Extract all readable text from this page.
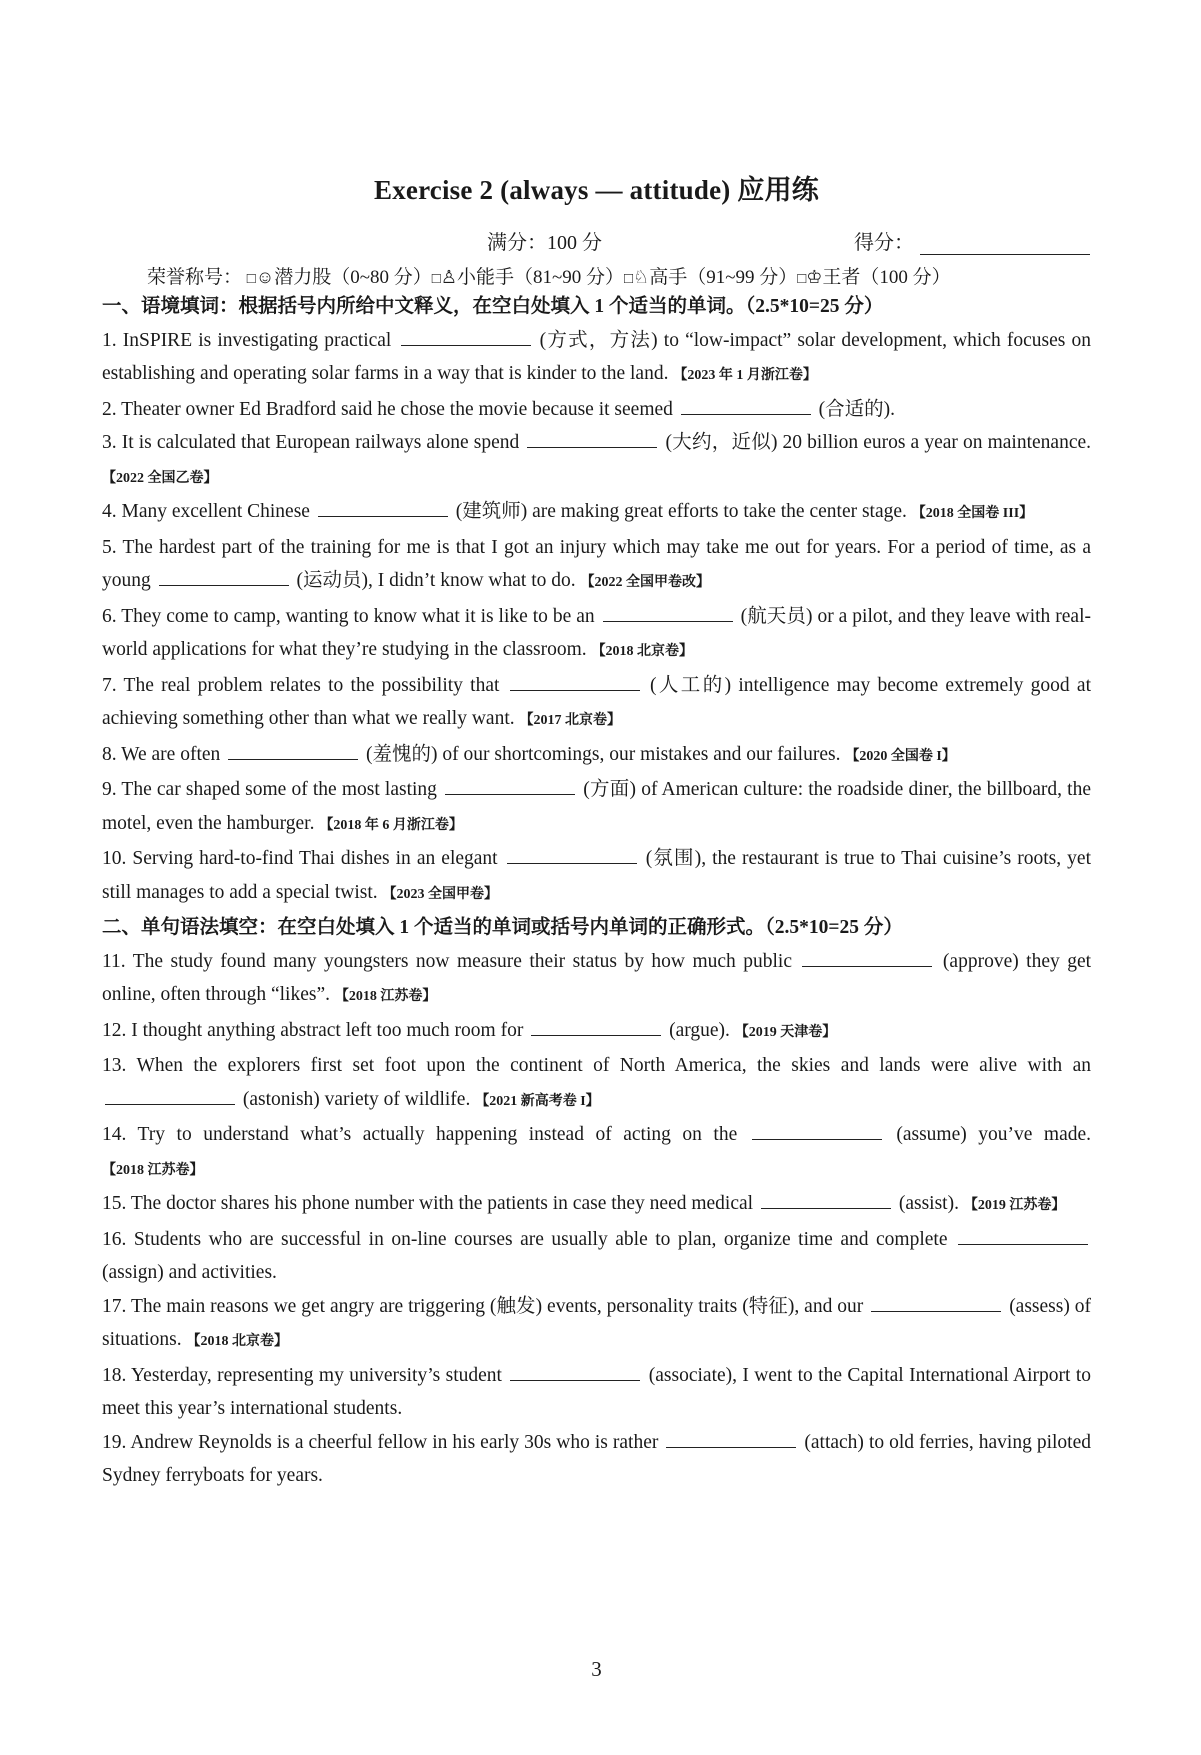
Exercise 2 (always — attitude) 应用练
满分：100 分	得分：
荣誉称号： □☺潜力股（0~80 分）□♙小能手（81~90 分）□♘高手（91~99 分）□♔王者（100 分）

一、语境填词：根据括号内所给中文释义，在空白处填入 1 个适当的单词。（2.5*10=25 分）

1. InSPIRE is investigating practical	(方式，方法) to “low-impact” solar development, which focuses on establishing and operating solar farms in a way that is kinder to the land. 【2023 年 1 月浙江卷】

2. Theater owner Ed Bradford said he chose the movie because it seemed	(合适的).

3. It is calculated that European railways alone spend	(大约，近似) 20 billion euros a year on maintenance. 【2022 全国乙卷】

4. Many excellent Chinese	(建筑师) are making great efforts to take the center stage. 【2018 全国卷 III】

5. The hardest part of the training for me is that I got an injury which may take me out for years. For a period of time, as a young	(运动员), I didn’t know what to do. 【2022 全国甲卷改】

6. They come to camp, wanting to know what it is like to be an	(航天员) or a pilot, and they leave with real-world applications for what they’re studying in the classroom. 【2018 北京卷】

7. The real problem relates to the possibility that	(人工的) intelligence may become extremely good at achieving something other than what we really want. 【2017 北京卷】

8. We are often	(羞愧的) of our shortcomings, our mistakes and our failures. 【2020 全国卷 I】

9. The car shaped some of the most lasting	(方面) of American culture: the roadside diner, the billboard, the motel, even the hamburger. 【2018 年 6 月浙江卷】

10. Serving hard-to-find Thai dishes in an elegant	(氛围), the restaurant is true to Thai cuisine’s roots, yet still manages to add a special twist. 【2023 全国甲卷】

二、单句语法填空：在空白处填入 1 个适当的单词或括号内单词的正确形式。（2.5*10=25 分）

11. The study found many youngsters now measure their status by how much public	(approve) they get online, often through “likes”. 【2018 江苏卷】

12. I thought anything abstract left too much room for	(argue). 【2019 天津卷】

13. When the explorers first set foot upon the continent of North America, the skies and lands were alive with an  (astonish) variety of wildlife. 【2021 新高考卷 I】

14. Try to understand what’s actually happening instead of acting on the	(assume) you’ve made. 【2018 江苏卷】

15. The doctor shares his phone number with the patients in case they need medical	(assist). 【2019 江苏卷】

16. Students who are successful in on-line courses are usually able to plan, organize time and complete  (assign) and activities.

17. The main reasons we get angry are triggering (触发) events, personality traits (特征), and our	(assess) of situations. 【2018 北京卷】

18. Yesterday, representing my university’s student	(associate), I went to the Capital International Airport to meet this year’s international students.

19. Andrew Reynolds is a cheerful fellow in his early 30s who is rather	(attach) to old ferries, having piloted Sydney ferryboats for years.

3
